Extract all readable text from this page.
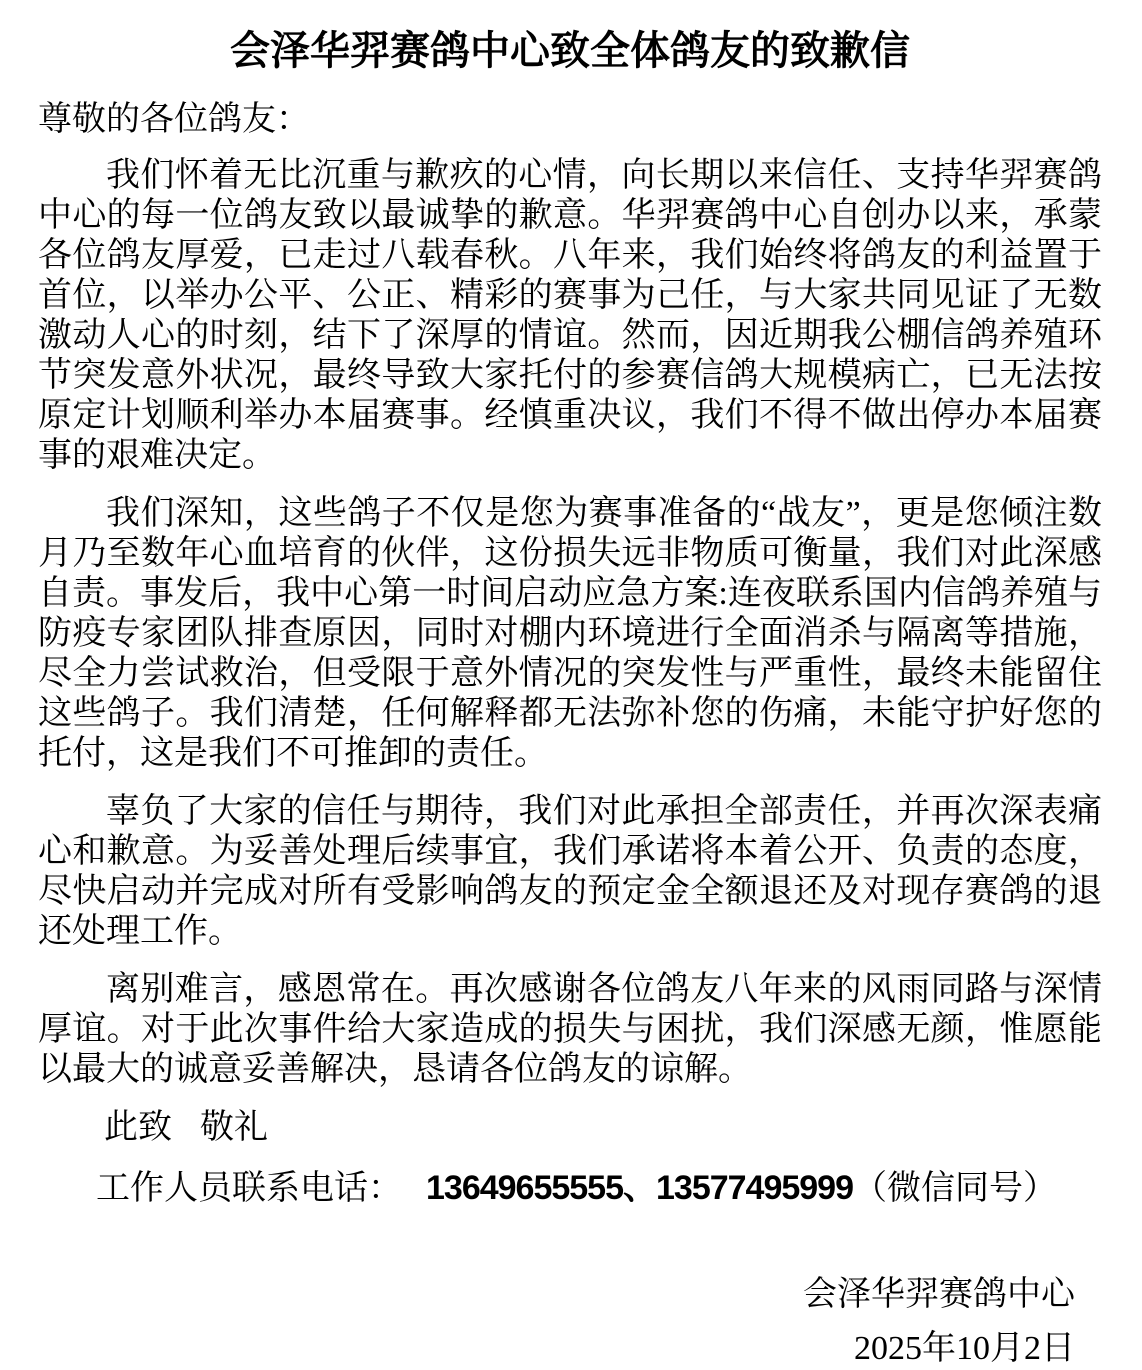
会泽华羿赛鸽中心致全体鸽友的致歉信
尊敬的各位鸽友：

我们怀着无比沉重与歉疚的心情，向长期以来信任、支持华羿赛鸽中心的每一位鸽友致以最诚挚的歉意。华羿赛鸽中心自创办以来，承蒙各位鸽友厚爱，已走过八载春秋。八年来，我们始终将鸽友的利益置于首位，以举办公平、公正、精彩的赛事为己任，与大家共同见证了无数激动人心的时刻，结下了深厚的情谊。然而，因近期我公棚信鸽养殖环节突发意外状况，最终导致大家托付的参赛信鸽大规模病亡，已无法按原定计划顺利举办本届赛事。经慎重决议，我们不得不做出停办本届赛事的艰难决定。

我们深知，这些鸽子不仅是您为赛事准备的“战友”，更是您倾注数月乃至数年心血培育的伙伴，这份损失远非物质可衡量，我们对此深感自责。事发后，我中心第一时间启动应急方案:连夜联系国内信鸽养殖与防疫专家团队排查原因，同时对棚内环境进行全面消杀与隔离等措施，尽全力尝试救治，但受限于意外情况的突发性与严重性，最终未能留住这些鸽子。我们清楚，任何解释都无法弥补您的伤痛，未能守护好您的托付，这是我们不可推卸的责任。

辜负了大家的信任与期待，我们对此承担全部责任，并再次深表痛心和歉意。为妥善处理后续事宜，我们承诺将本着公开、负责的态度，尽快启动并完成对所有受影响鸽友的预定金全额退还及对现存赛鸽的退还处理工作。

离别难言，感恩常在。再次感谢各位鸽友八年来的风雨同路与深情厚谊。对于此次事件给大家造成的损失与困扰，我们深感无颜，惟愿能以最大的诚意妥善解决，恳请各位鸽友的谅解。

此致 敬礼
工作人员联系电话： 13649655555、13577495999（微信同号）
会泽华羿赛鸽中心
2025年10月2日
